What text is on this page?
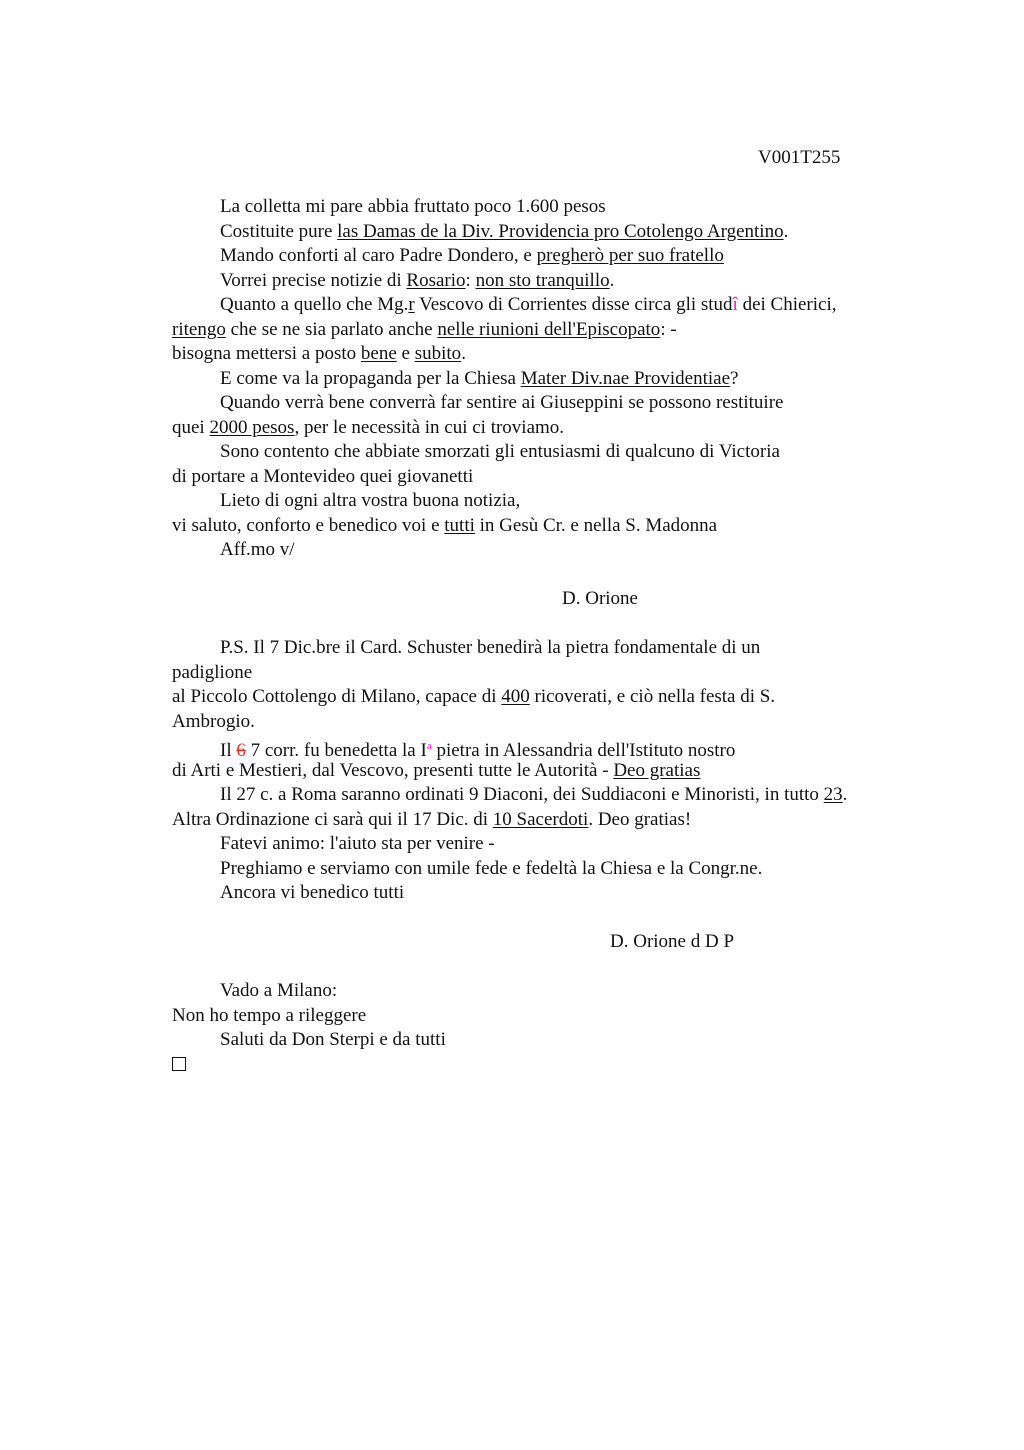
V001T255
La colletta mi pare abbia fruttato poco 1.600 pesos
Costituite pure las Damas de la Div. Providencia pro Cotolengo Argentino.
Mando conforti al caro Padre Dondero, e pregherò per suo fratello
Vorrei precise notizie di Rosario: non sto tranquillo.
Quanto a quello che Mg.r Vescovo di Corrientes disse circa gli studî dei Chierici,
ritengo che se ne sia parlato anche nelle riunioni dell'Episcopato: -
bisogna mettersi a posto bene e subito.
E come va la propaganda per la Chiesa Mater Div.nae Providentiae?
Quando verrà bene converrà far sentire ai Giuseppini se possono restituire
quei 2000 pesos, per le necessità in cui ci troviamo.
Sono contento che abbiate smorzati gli entusiasmi di qualcuno di Victoria
di portare a Montevideo quei giovanetti
Lieto di ogni altra vostra buona notizia,
vi saluto, conforto e benedico voi e tutti in Gesù Cr. e nella S. Madonna
Aff.mo v/
D. Orione
P.S. Il 7 Dic.bre il Card. Schuster benedirà la pietra fondamentale di un
padiglione
al Piccolo Cottolengo di Milano, capace di 400 ricoverati, e ciò nella festa di S.
Ambrogio.
Il 6 7 corr. fu benedetta la $I^a$ pietra in Alessandria dell'Istituto nostro
di Arti e Mestieri, dal Vescovo, presenti tutte le Autorità - Deo gratias
Il 27 c. a Roma saranno ordinati 9 Diaconi, dei Suddiaconi e Minoristi, in tutto 23.
Altra Ordinazione ci sarà qui il 17 Dic. di 10 Sacerdoti. Deo gratias!
Fatevi animo: l'aiuto sta per venire -
Preghiamo e serviamo con umile fede e fedeltà la Chiesa e la Congr.ne.
Ancora vi benedico tutti
D. Orione d D P
Vado a Milano:
Non ho tempo a rileggere
Saluti da Don Sterpi e da tutti
